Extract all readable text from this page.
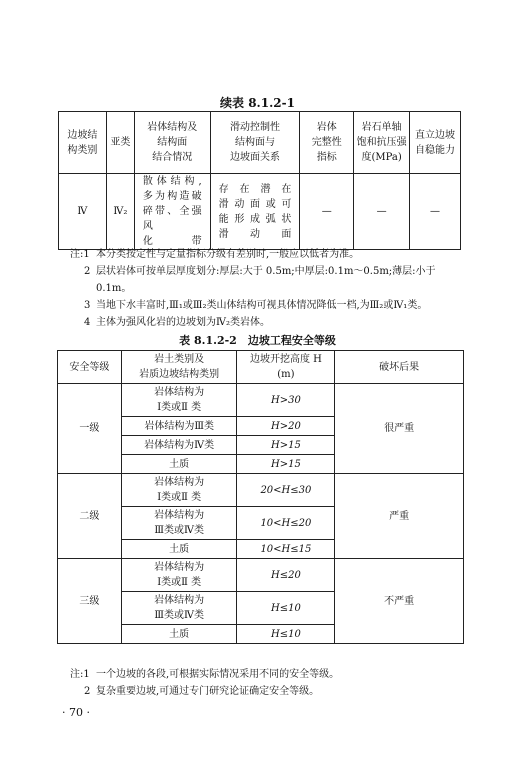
续表 8.1.2-1
边坡结
构类别	亚类	岩体结构及
结构面
结合情况	滑动控制性
结构面与
边坡面关系	岩体
完整性
指标	岩石单轴
饱和抗压强
度(MPa)	直立边坡
自稳能力

Ⅳ	Ⅳ₂	散体结构,
多为构造破
碎带、全强风
化带	存在潜在
滑动面或可
能形成弧状
滑动面	—	—	—
注:1 本分类按定性与定量指标分级有差别时,一般应以低者为准。
2 层状岩体可按单层厚度划分:厚层:大于 0.5m;中厚层:0.1m～0.5m;薄层:小于 0.1m。
3 当地下水丰富时,Ⅲ₁或Ⅲ₂类山体结构可视具体情况降低一档,为Ⅲ₂或Ⅳ₁类。
4 主体为强风化岩的边坡划为Ⅳ₂类岩体。
表 8.1.2-2　边坡工程安全等级
安全等级	岩土类别及
岩质边坡结构类别	边坡开挖高度 H
(m)	破坏后果
一级	岩体结构为
Ⅰ类或Ⅱ 类	H>30	很严重

	岩体结构为Ⅲ类	H>20	

	岩体结构为Ⅳ类	H>15	

	土质	H>15	
二级	岩体结构为
Ⅰ类或Ⅱ 类	20<H≤30	严重

	岩体结构为
Ⅲ类或Ⅳ类	10<H≤20	

	土质	10<H≤15	
三级	岩体结构为
Ⅰ类或Ⅱ 类	H≤20	不严重

	岩体结构为
Ⅲ类或Ⅳ类	H≤10	

	土质	H≤10	
注:1 一个边坡的各段,可根据实际情况采用不同的安全等级。
2 复杂重要边坡,可通过专门研究论证确定安全等级。
· 70 ·
